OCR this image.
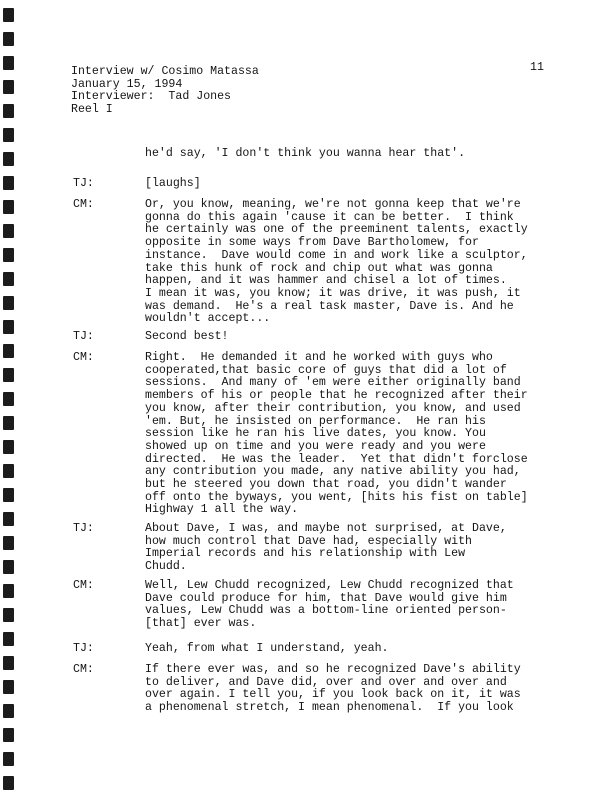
Interview w/ Cosimo Matassa
January 15, 1994
Interviewer:  Tad Jones
Reel I
11
he'd say, 'I don't think you wanna hear that'.
TJ:	[laughs]
CM:	Or, you know, meaning, we're not gonna keep that we're
gonna do this again 'cause it can be better.  I think
he certainly was one of the preeminent talents, exactly
opposite in some ways from Dave Bartholomew, for
instance.  Dave would come in and work like a sculptor,
take this hunk of rock and chip out what was gonna
happen, and it was hammer and chisel a lot of times.
I mean it was, you know; it was drive, it was push, it
was demand.  He's a real task master, Dave is. And he
wouldn't accept...
TJ:	Second best!
CM:	Right.  He demanded it and he worked with guys who
cooperated,that basic core of guys that did a lot of
sessions.  And many of 'em were either originally band
members of his or people that he recognized after their
you know, after their contribution, you know, and used
'em. But, he insisted on performance.  He ran his
session like he ran his live dates, you know. You
showed up on time and you were ready and you were
directed.  He was the leader.  Yet that didn't forclose
any contribution you made, any native ability you had,
but he steered you down that road, you didn't wander
off onto the byways, you went, [hits his fist on table]
Highway 1 all the way.
TJ:	About Dave, I was, and maybe not surprised, at Dave,
how much control that Dave had, especially with
Imperial records and his relationship with Lew
Chudd.
CM:	Well, Lew Chudd recognized, Lew Chudd recognized that
Dave could produce for him, that Dave would give him
values, Lew Chudd was a bottom-line oriented person-
[that] ever was.
TJ:	Yeah, from what I understand, yeah.
CM:	If there ever was, and so he recognized Dave's ability
to deliver, and Dave did, over and over and over and
over again. I tell you, if you look back on it, it was
a phenomenal stretch, I mean phenomenal.  If you look
